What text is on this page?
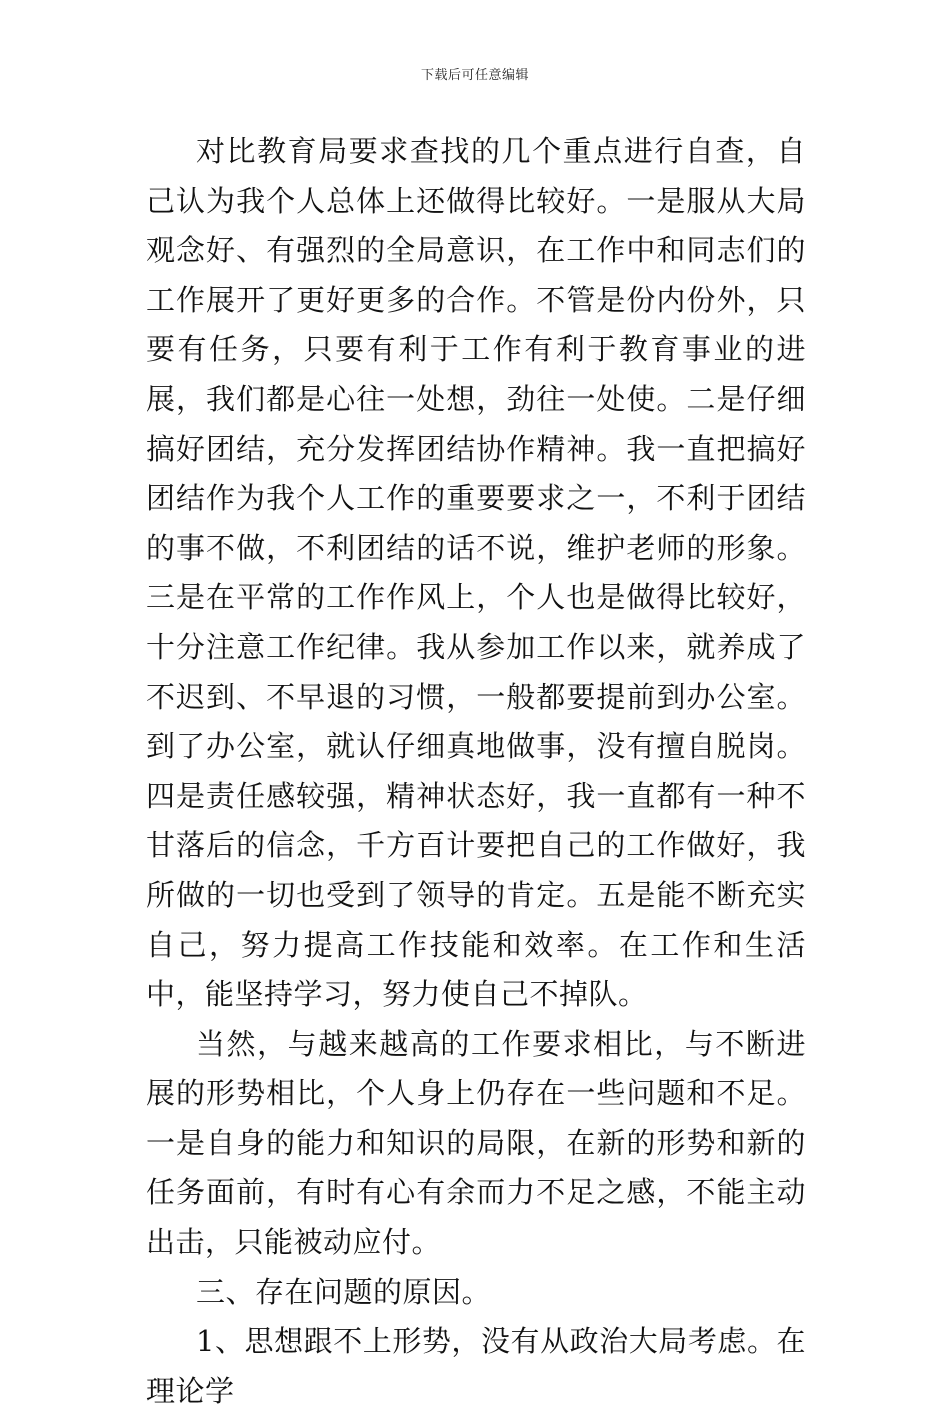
下载后可任意编辑

对比教育局要求查找的几个重点进行自查，自己认为我个人总体上还做得比较好。一是服从大局观念好、有强烈的全局意识，在工作中和同志们的工作展开了更好更多的合作。不管是份内份外，只要有任务，只要有利于工作有利于教育事业的进展，我们都是心往一处想，劲往一处使。二是仔细搞好团结，充分发挥团结协作精神。我一直把搞好团结作为我个人工作的重要要求之一，不利于团结的事不做，不利团结的话不说，维护老师的形象。三是在平常的工作作风上，个人也是做得比较好，十分注意工作纪律。我从参加工作以来，就养成了不迟到、不早退的习惯，一般都要提前到办公室。到了办公室，就认仔细真地做事，没有擅自脱岗。四是责任感较强，精神状态好，我一直都有一种不甘落后的信念，千方百计要把自己的工作做好，我所做的一切也受到了领导的肯定。五是能不断充实自己，努力提高工作技能和效率。在工作和生活中，能坚持学习，努力使自己不掉队。

当然，与越来越高的工作要求相比，与不断进展的形势相比，个人身上仍存在一些问题和不足。一是自身的能力和知识的局限，在新的形势和新的任务面前，有时有心有余而力不足之感，不能主动出击，只能被动应付。

三、存在问题的原因。

1、思想跟不上形势，没有从政治大局考虑。在理论学
